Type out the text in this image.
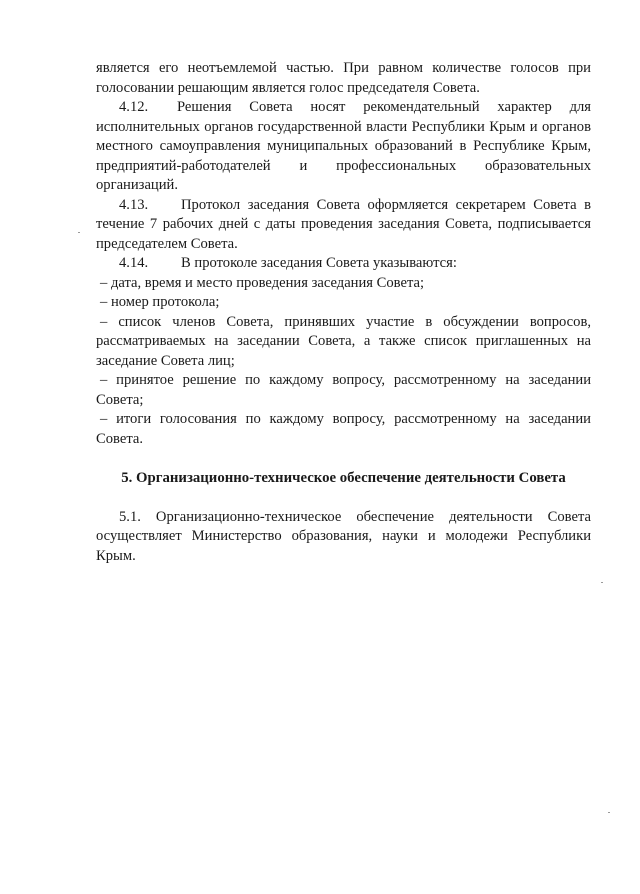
является его неотъемлемой частью. При равном количестве голосов при голосовании решающим является голос председателя Совета.

4.12. Решения Совета носят рекомендательный характер для исполнительных органов государственной власти Республики Крым и органов местного самоуправления муниципальных образований в Республике Крым, предприятий-работодателей и профессиональных образовательных организаций.

4.13. Протокол заседания Совета оформляется секретарем Совета в течение 7 рабочих дней с даты проведения заседания Совета, подписывается председателем Совета.

4.14. В протоколе заседания Совета указываются:

– дата, время и место проведения заседания Совета;

– номер протокола;

– список членов Совета, принявших участие в обсуждении вопросов, рассматриваемых на заседании Совета, а также список приглашенных на заседание Совета лиц;

– принятое решение по каждому вопросу, рассмотренному на заседании Совета;

– итоги голосования по каждому вопросу, рассмотренному на заседании Совета.

5. Организационно-техническое обеспечение деятельности Совета

5.1. Организационно-техническое обеспечение деятельности Совета осуществляет Министерство образования, науки и молодежи Республики Крым.
